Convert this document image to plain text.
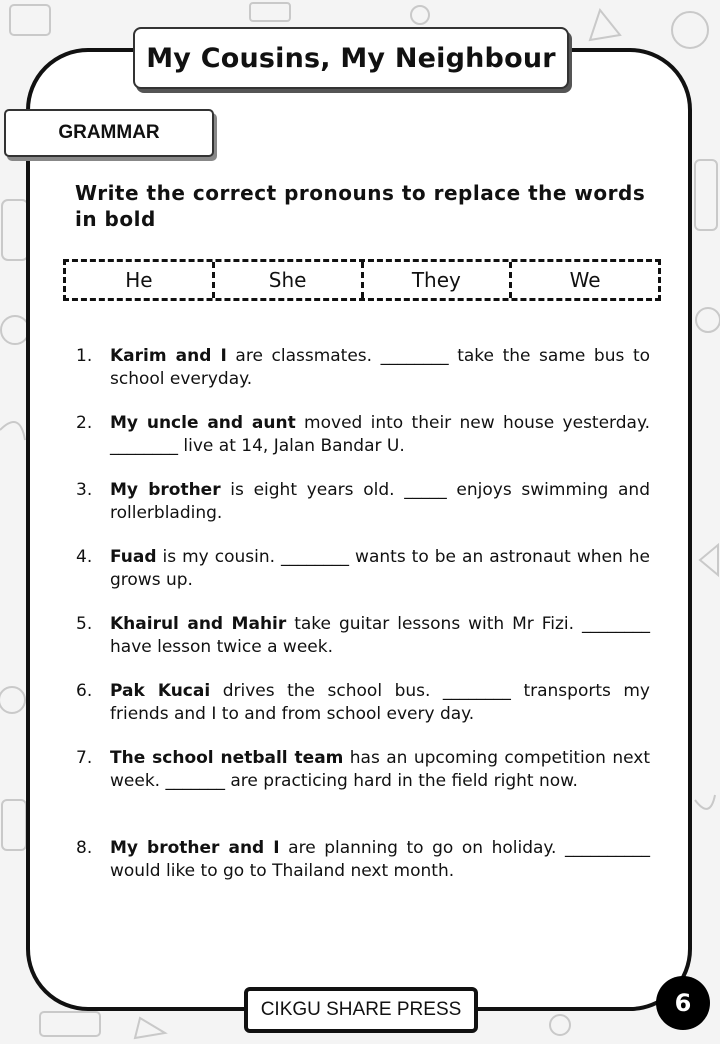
My Cousins, My Neighbour
GRAMMAR
Write the correct pronouns to replace the words in bold
He	She	They	We
1.	Karim and I are classmates. ________ take the same bus to school everyday.
2.	My uncle and aunt moved into their new house yesterday. ________ live at 14, Jalan Bandar U.
3.	My brother is eight years old. _____ enjoys swimming and rollerblading.
4.	Fuad is my cousin. ________ wants to be an astronaut when he grows up.
5.	Khairul and Mahir take guitar lessons with Mr Fizi. ________ have lesson twice a week.
6.	Pak Kucai drives the school bus. ________ transports my friends and I to and from school every day.
7.	The school netball team has an upcoming competition next week. _______ are practicing hard in the field right now.
8.	My brother and I are planning to go on holiday. __________ would like to go to Thailand next month.
CIKGU SHARE PRESS	6
